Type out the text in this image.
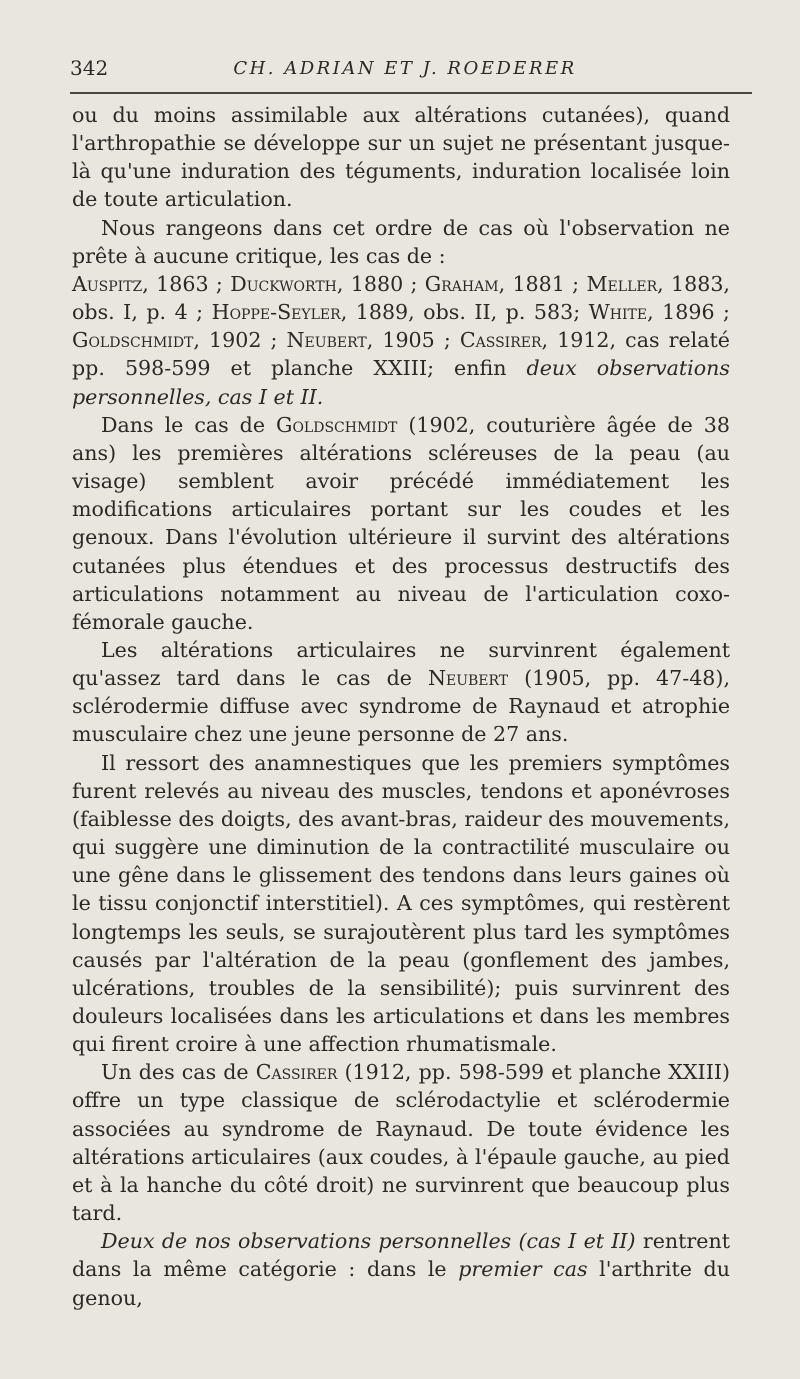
342	CH. ADRIAN ET J. ROEDERER

ou du moins assimilable aux altérations cutanées), quand l'arthropathie se développe sur un sujet ne présentant jusque-là qu'une induration des téguments, induration localisée loin de toute articulation.

Nous rangeons dans cet ordre de cas où l'observation ne prête à aucune critique, les cas de :

Auspitz, 1863 ; Duckworth, 1880 ; Graham, 1881 ; Meller, 1883, obs. I, p. 4 ; Hoppe-Seyler, 1889, obs. II, p. 583; White, 1896 ; Goldschmidt, 1902 ; Neubert, 1905 ; Cassirer, 1912, cas relaté pp. 598-599 et planche XXIII; enfin deux observations personnelles, cas I et II.

Dans le cas de Goldschmidt (1902, couturière âgée de 38 ans) les premières altérations scléreuses de la peau (au visage) semblent avoir précédé immédiatement les modifications articulaires portant sur les coudes et les genoux. Dans l'évolution ultérieure il survint des altérations cutanées plus étendues et des processus destructifs des articulations notamment au niveau de l'articulation coxo-fémorale gauche.

Les altérations articulaires ne survinrent également qu'assez tard dans le cas de Neubert (1905, pp. 47-48), sclérodermie diffuse avec syndrome de Raynaud et atrophie musculaire chez une jeune personne de 27 ans.

Il ressort des anamnestiques que les premiers symptômes furent relevés au niveau des muscles, tendons et aponévroses (faiblesse des doigts, des avant-bras, raideur des mouvements, qui suggère une diminution de la contractilité musculaire ou une gêne dans le glissement des tendons dans leurs gaines où le tissu conjonctif interstitiel). A ces symptômes, qui restèrent longtemps les seuls, se surajoutèrent plus tard les symptômes causés par l'altération de la peau (gonflement des jambes, ulcérations, troubles de la sensibilité); puis survinrent des douleurs localisées dans les articulations et dans les membres qui firent croire à une affection rhumatismale.

Un des cas de Cassirer (1912, pp. 598-599 et planche XXIII) offre un type classique de sclérodactylie et sclérodermie associées au syndrome de Raynaud. De toute évidence les altérations articulaires (aux coudes, à l'épaule gauche, au pied et à la hanche du côté droit) ne survinrent que beaucoup plus tard.

Deux de nos observations personnelles (cas I et II) rentrent dans la même catégorie : dans le premier cas l'arthrite du genou,
